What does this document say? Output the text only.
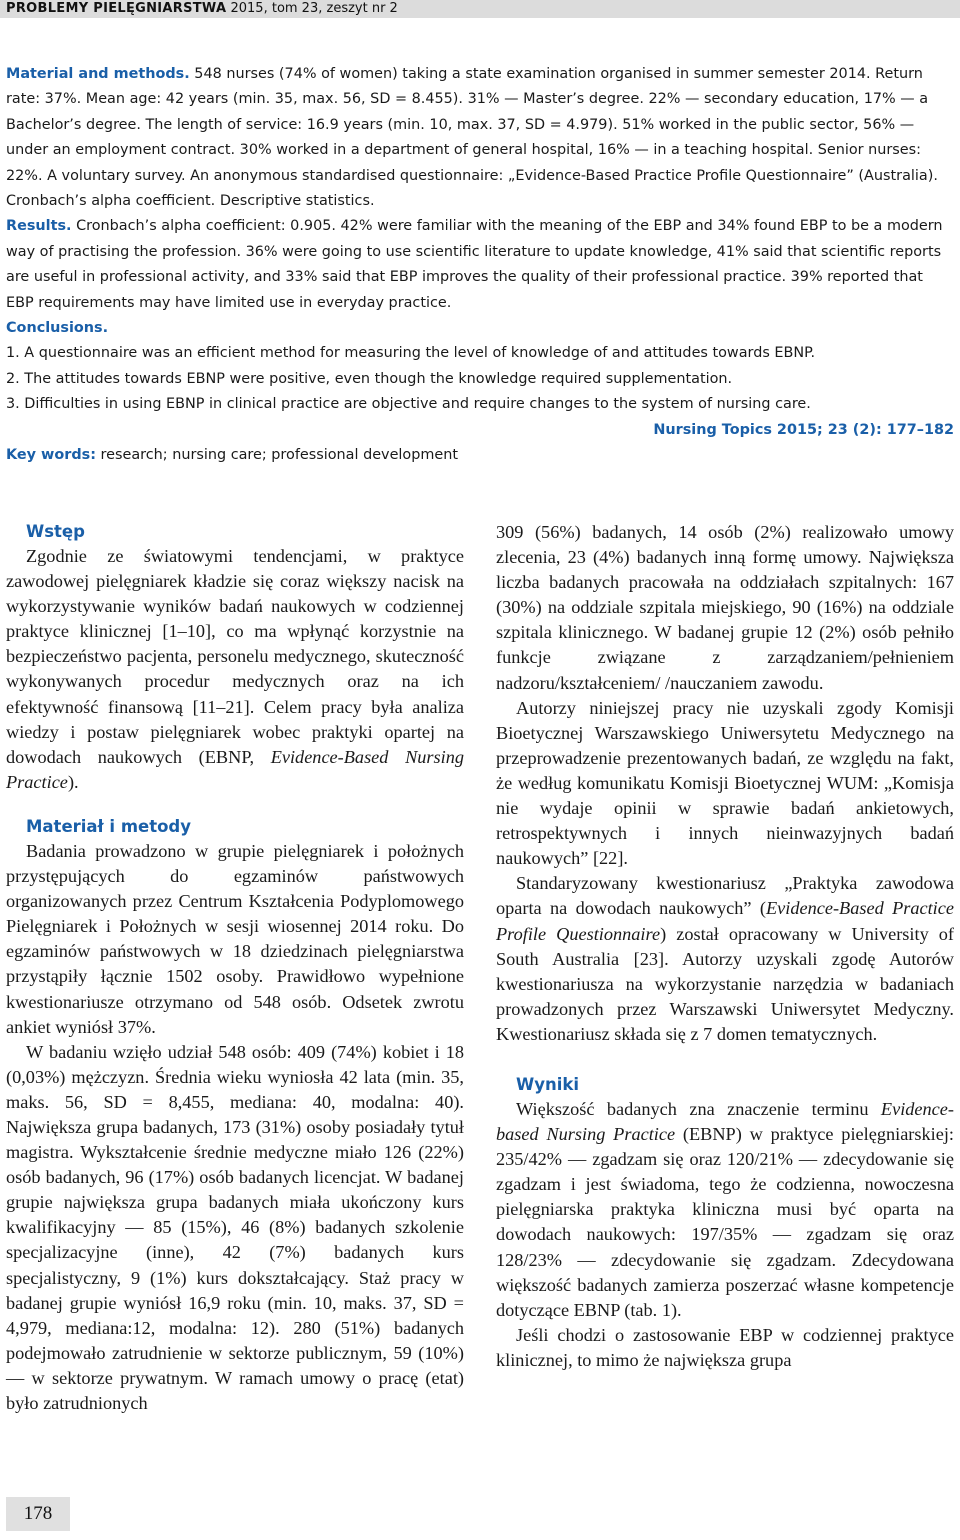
PROBLEMY PIELĘGNIARSTWA 2015, tom 23, zeszyt nr 2

Material and methods. 548 nurses (74% of women) taking a state examination organised in summer semester 2014. Return rate: 37%. Mean age: 42 years (min. 35, max. 56, SD = 8.455). 31% — Master’s degree. 22% — secondary education, 17% — a Bachelor’s degree. The length of service: 16.9 years (min. 10, max. 37, SD = 4.979). 51% worked in the public sector, 56% — under an employment contract. 30% worked in a department of general hospital, 16% — in a teaching hospital. Senior nurses: 22%. A voluntary survey. An anonymous standardised questionnaire: „Evidence-Based Practice Profile Questionnaire” (Australia). Cronbach’s alpha coefficient. Descriptive statistics.

Results. Cronbach’s alpha coefficient: 0.905. 42% were familiar with the meaning of the EBP and 34% found EBP to be a modern way of practising the profession. 36% were going to use scientific literature to update knowledge, 41% said that scientific reports are useful in professional activity, and 33% said that EBP improves the quality of their professional practice. 39% reported that EBP requirements may have limited use in everyday practice.

Conclusions.

1. A questionnaire was an efficient method for measuring the level of knowledge of and attitudes towards EBNP.

2. The attitudes towards EBNP were positive, even though the knowledge required supplementation.

3. Difficulties in using EBNP in clinical practice are objective and require changes to the system of nursing care.

Nursing Topics 2015; 23 (2): 177–182

Key words: research; nursing care; professional development

Wstęp

Zgodnie ze światowymi tendencjami, w praktyce zawodowej pielęgniarek kładzie się coraz większy nacisk na wykorzystywanie wyników badań naukowych w codziennej praktyce klinicznej [1–10], co ma wpłynąć korzystnie na bezpieczeństwo pacjenta, personelu medycznego, skuteczność wykonywanych procedur medycznych oraz na ich efektywność finansową [11–21]. Celem pracy była analiza wiedzy i postaw pielęgniarek wobec praktyki opartej na dowodach naukowych (EBNP, Evidence-Based Nursing Practice).

Materiał i metody

Badania prowadzono w grupie pielęgniarek i położnych przystępujących do egzaminów państwowych organizowanych przez Centrum Kształcenia Podyplomowego Pielęgniarek i Położnych w sesji wiosennej 2014 roku. Do egzaminów państwowych w 18 dziedzinach pielęgniarstwa przystąpiły łącznie 1502 osoby. Prawidłowo wypełnione kwestionariusze otrzymano od 548 osób. Odsetek zwrotu ankiet wyniósł 37%.

W badaniu wzięło udział 548 osób: 409 (74%) kobiet i 18 (0,03%) mężczyzn. Średnia wieku wyniosła 42 lata (min. 35, maks. 56, SD = 8,455, mediana: 40, modalna: 40). Największa grupa badanych, 173 (31%) osoby posiadały tytuł magistra. Wykształcenie średnie medyczne miało 126 (22%) osób badanych, 96 (17%) osób badanych licencjat. W badanej grupie największa grupa badanych miała ukończony kurs kwalifikacyjny — 85 (15%), 46 (8%) badanych szkolenie specjalizacyjne (inne), 42 (7%) badanych kurs specjalistyczny, 9 (1%) kurs dokształcający. Staż pracy w badanej grupie wyniósł 16,9 roku (min. 10, maks. 37, SD = 4,979, mediana:12, modalna: 12). 280 (51%) badanych podejmowało zatrudnienie w sektorze publicznym, 59 (10%) — w sektorze prywatnym. W ramach umowy o pracę (etat) było zatrudnionych

309 (56%) badanych, 14 osób (2%) realizowało umowy zlecenia, 23 (4%) badanych inną formę umowy. Największa liczba badanych pracowała na oddziałach szpitalnych: 167 (30%) na oddziale szpitala miejskiego, 90 (16%) na oddziale szpitala klinicznego. W badanej grupie 12 (2%) osób pełniło funkcje związane z zarządzaniem/pełnieniem nadzoru/kształceniem/ /nauczaniem zawodu.

Autorzy niniejszej pracy nie uzyskali zgody Komisji Bioetycznej Warszawskiego Uniwersytetu Medycznego na przeprowadzenie prezentowanych badań, ze względu na fakt, że według komunikatu Komisji Bioetycznej WUM: „Komisja nie wydaje opinii w sprawie badań ankietowych, retrospektywnych i innych nieinwazyjnych badań naukowych” [22].

Standaryzowany kwestionariusz „Praktyka zawodowa oparta na dowodach naukowych” (Evidence-Based Practice Profile Questionnaire) został opracowany w University of South Australia [23]. Autorzy uzyskali zgodę Autorów kwestionariusza na wykorzystanie narzędzia w badaniach prowadzonych przez Warszawski Uniwersytet Medyczny. Kwestionariusz składa się z 7 domen tematycznych.

Wyniki

Większość badanych zna znaczenie terminu Evidence-based Nursing Practice (EBNP) w praktyce pielęgniarskiej: 235/42% — zgadzam się oraz 120/21% — zdecydowanie się zgadzam i jest świadoma, tego że codzienna, nowoczesna pielęgniarska praktyka kliniczna musi być oparta na dowodach naukowych: 197/35% — zgadzam się oraz 128/23% — zdecydowanie się zgadzam. Zdecydowana większość badanych zamierza poszerzać własne kompetencje dotyczące EBNP (tab. 1).

Jeśli chodzi o zastosowanie EBP w codziennej praktyce klinicznej, to mimo że największa grupa

178
